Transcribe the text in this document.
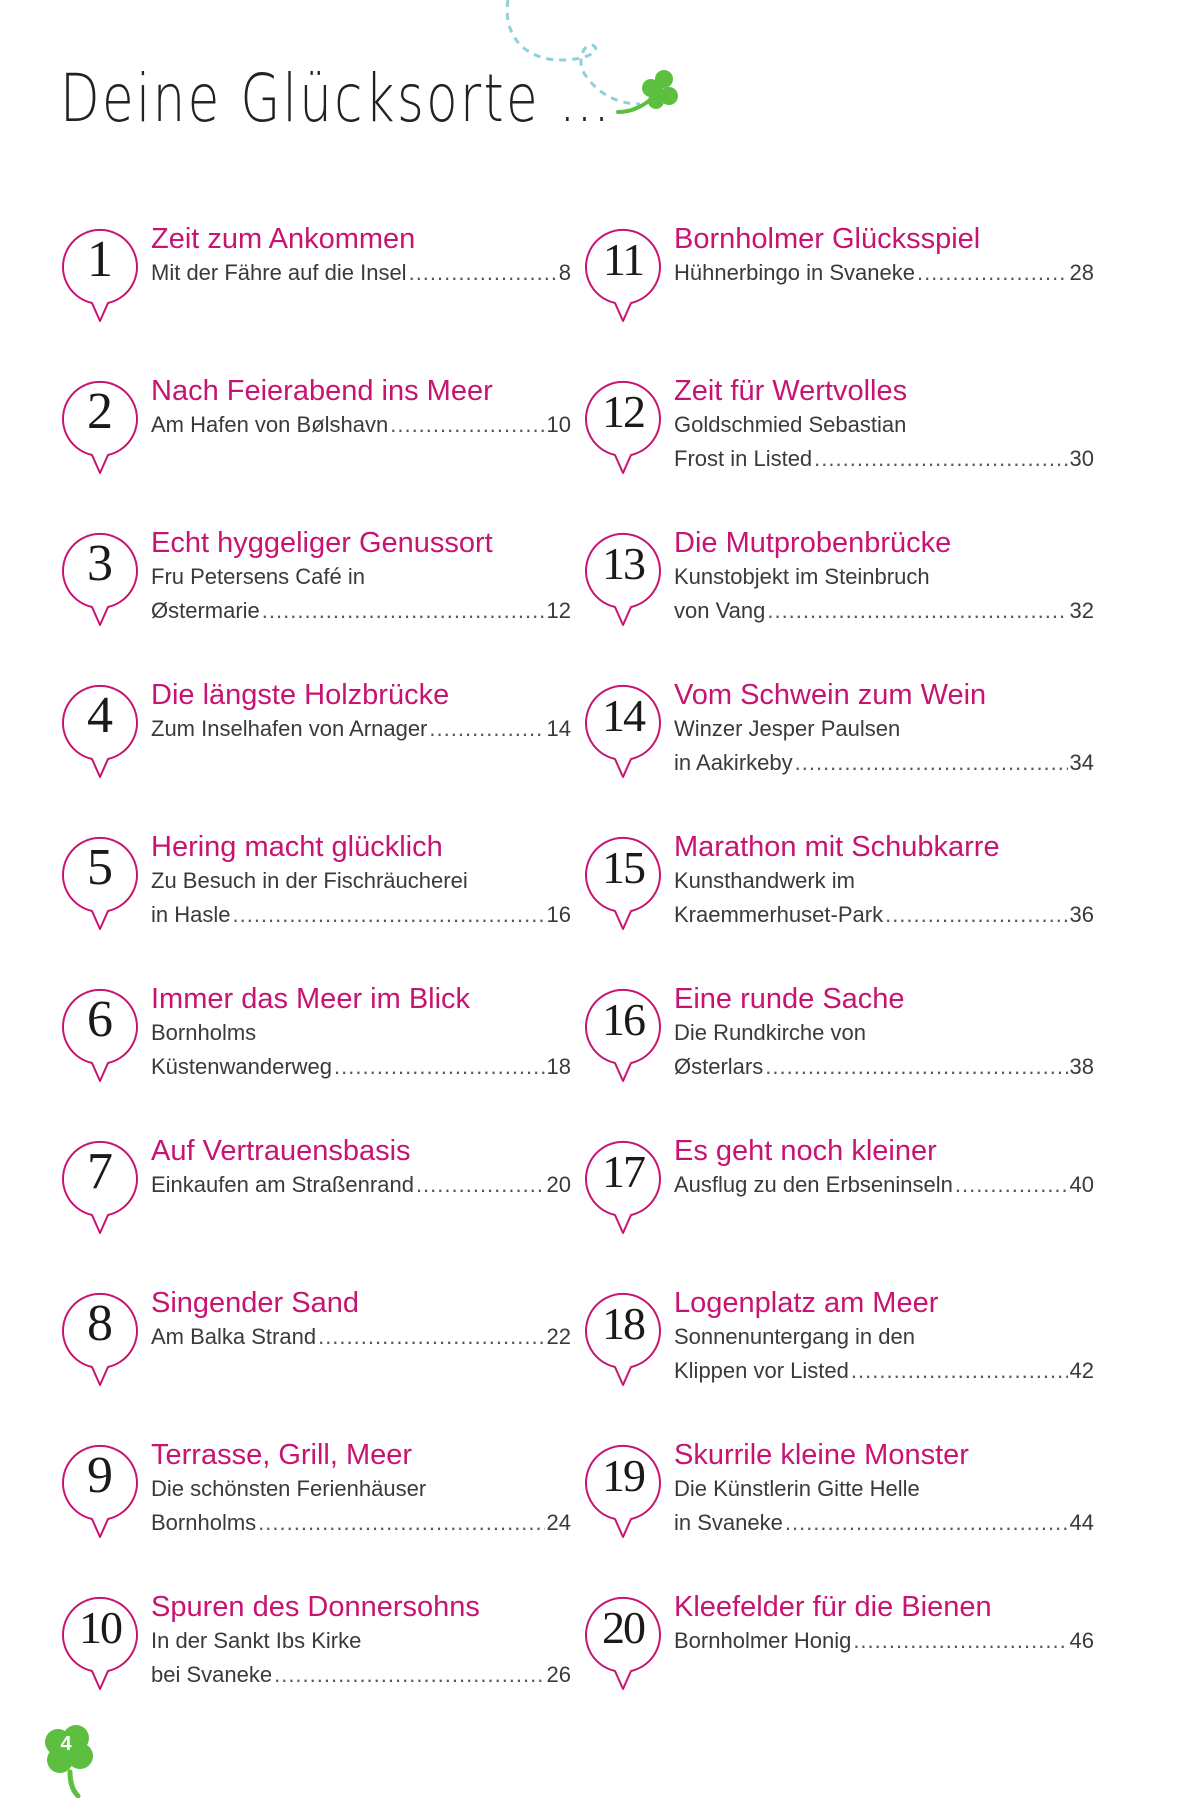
Deine Glücksorte …
1	Zeit zum Ankommen
Mit der Fähre auf die Insel .....	8
2	Nach Feierabend ins Meer
Am Hafen von Bølshavn .....	10
3	Echt hyggeliger Genussort
Fru Petersens Café in
Østermarie .....	12
4	Die längste Holzbrücke
Zum Inselhafen von Arnager .....	14
5	Hering macht glücklich
Zu Besuch in der Fischräucherei
in Hasle .....	16
6	Immer das Meer im Blick
Bornholms
Küstenwanderweg .....	18
7	Auf Vertrauensbasis
Einkaufen am Straßenrand .....	20
8	Singender Sand
Am Balka Strand .....	22
9	Terrasse, Grill, Meer
Die schönsten Ferienhäuser
Bornholms .....	24
10	Spuren des Donnersohns
In der Sankt Ibs Kirke
bei Svaneke .....	26
11	Bornholmer Glücksspiel
Hühnerbingo in Svaneke .....	28
12	Zeit für Wertvolles
Goldschmied Sebastian
Frost in Listed .....	30
13	Die Mutprobenbrücke
Kunstobjekt im Steinbruch
von Vang .....	32
14	Vom Schwein zum Wein
Winzer Jesper Paulsen
in Aakirkeby .....	34
15	Marathon mit Schubkarre
Kunsthandwerk im
Kraemmerhuset-Park .....	36
16	Eine runde Sache
Die Rundkirche von
Østerlars .....	38
17	Es geht noch kleiner
Ausflug zu den Erbseninseln .....	40
18	Logenplatz am Meer
Sonnenuntergang in den
Klippen vor Listed .....	42
19	Skurrile kleine Monster
Die Künstlerin Gitte Helle
in Svaneke .....	44
20	Kleefelder für die Bienen
Bornholmer Honig .....	46
4
